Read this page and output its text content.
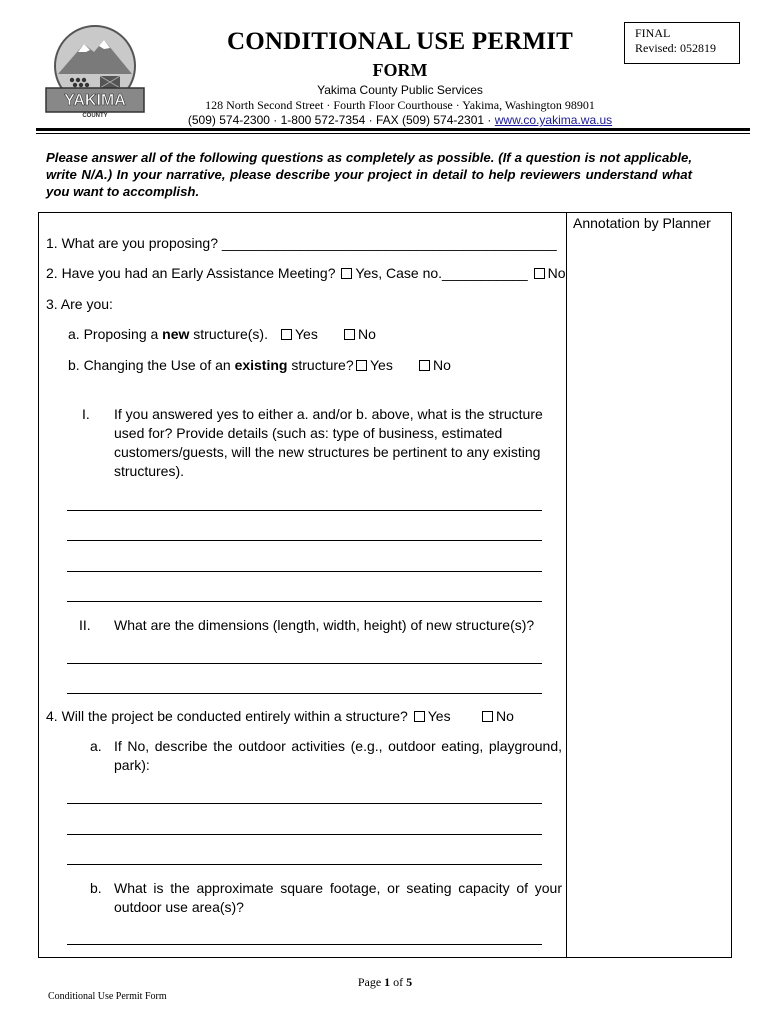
YAKIMA
COUNTY
CONDITIONAL USE PERMIT
FORM
Yakima County Public Services
128 North Second Street · Fourth Floor Courthouse · Yakima, Washington 98901
(509) 574-2300 · 1-800 572-7354 · FAX (509) 574-2301 · www.co.yakima.wa.us
FINAL
Revised: 052819
Please answer all of the following questions as completely as possible. (If a question is not applicable, write N/A.) In your narrative, please describe your project in detail to help reviewers understand what you want to accomplish.
Annotation by Planner
1. What are you proposing? ___________________________________________
2. Have you had an Early Assistance Meeting? Yes, Case no.___________ No
3. Are you:
a. Proposing a new structure(s).	Yes	No
b. Changing the Use of an existing structure?	Yes	No
I. If you answered yes to either a. and/or b. above, what is the structure used for? Provide details (such as: type of business, estimated customers/guests, will the new structures be pertinent to any existing structures).
II. What are the dimensions (length, width, height) of new structure(s)?
4. Will the project be conducted entirely within a structure? Yes	No
a. If No, describe the outdoor activities (e.g., outdoor eating, playground, park):
b. What is the approximate square footage, or seating capacity of your outdoor use area(s)?
Page 1 of 5
Conditional Use Permit Form
